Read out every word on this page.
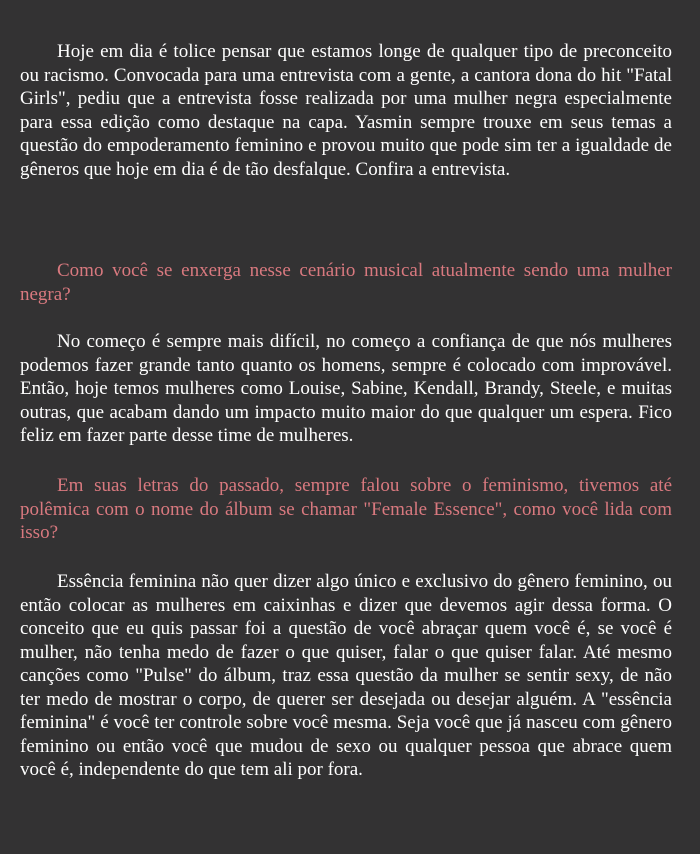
Hoje em dia é tolice pensar que estamos longe de qualquer tipo de preconceito ou racismo. Convocada para uma entrevista com a gente, a cantora dona do hit "Fatal Girls", pediu que a entrevista fosse realizada por uma mulher negra especialmente para essa edição como destaque na capa. Yasmin sempre trouxe em seus temas a questão do empoderamento feminino e provou muito que pode sim ter a igualdade de gêneros que hoje em dia é de tão desfalque. Confira a entrevista.

Como você se enxerga nesse cenário musical atualmente sendo uma mulher negra?

No começo é sempre mais difícil, no começo a confiança de que nós mulheres podemos fazer grande tanto quanto os homens, sempre é colocado com improvável. Então, hoje temos mulheres como Louise, Sabine, Kendall, Brandy, Steele, e muitas outras, que acabam dando um impacto muito maior do que qualquer um espera. Fico feliz em fazer parte desse time de mulheres.

Em suas letras do passado, sempre falou sobre o feminismo, tivemos até polêmica com o nome do álbum se chamar "Female Essence", como você lida com isso?

Essência feminina não quer dizer algo único e exclusivo do gênero feminino, ou então colocar as mulheres em caixinhas e dizer que devemos agir dessa forma. O conceito que eu quis passar foi a questão de você abraçar quem você é, se você é mulher, não tenha medo de fazer o que quiser, falar o que quiser falar. Até mesmo canções como "Pulse" do álbum, traz essa questão da mulher se sentir sexy, de não ter medo de mostrar o corpo, de querer ser desejada ou desejar alguém. A "essência feminina" é você ter controle sobre você mesma. Seja você que já nasceu com gênero feminino ou então você que mudou de sexo ou qualquer pessoa que abrace quem você é, independente do que tem ali por fora.
